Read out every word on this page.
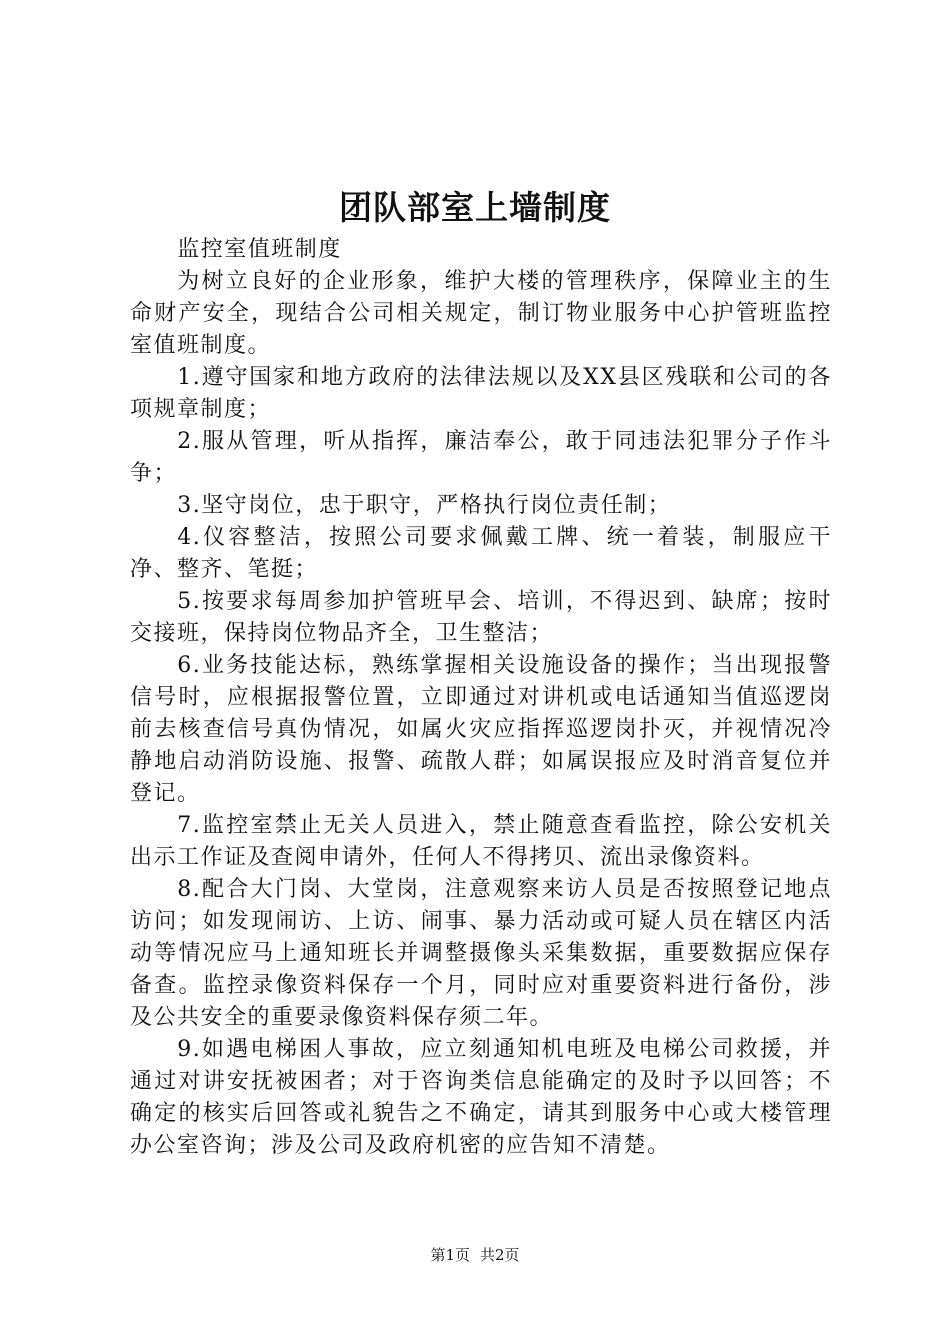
团队部室上墙制度

监控室值班制度

为树立良好的企业形象，维护大楼的管理秩序，保障业主的生命财产安全，现结合公司相关规定，制订物业服务中心护管班监控室值班制度。

1.遵守国家和地方政府的法律法规以及XX县区残联和公司的各项规章制度；

2.服从管理，听从指挥，廉洁奉公，敢于同违法犯罪分子作斗争；

3.坚守岗位，忠于职守，严格执行岗位责任制；

4.仪容整洁，按照公司要求佩戴工牌、统一着装，制服应干净、整齐、笔挺；

5.按要求每周参加护管班早会、培训，不得迟到、缺席；按时交接班，保持岗位物品齐全，卫生整洁；

6.业务技能达标，熟练掌握相关设施设备的操作；当出现报警信号时，应根据报警位置，立即通过对讲机或电话通知当值巡逻岗前去核查信号真伪情况，如属火灾应指挥巡逻岗扑灭，并视情况冷静地启动消防设施、报警、疏散人群；如属误报应及时消音复位并登记。

7.监控室禁止无关人员进入，禁止随意查看监控，除公安机关出示工作证及查阅申请外，任何人不得拷贝、流出录像资料。

8.配合大门岗、大堂岗，注意观察来访人员是否按照登记地点访问；如发现闹访、上访、闹事、暴力活动或可疑人员在辖区内活动等情况应马上通知班长并调整摄像头采集数据，重要数据应保存备查。监控录像资料保存一个月，同时应对重要资料进行备份，涉及公共安全的重要录像资料保存须二年。

9.如遇电梯困人事故，应立刻通知机电班及电梯公司救援，并通过对讲安抚被困者；对于咨询类信息能确定的及时予以回答；不确定的核实后回答或礼貌告之不确定，请其到服务中心或大楼管理办公室咨询；涉及公司及政府机密的应告知不清楚。

第1页 共2页
